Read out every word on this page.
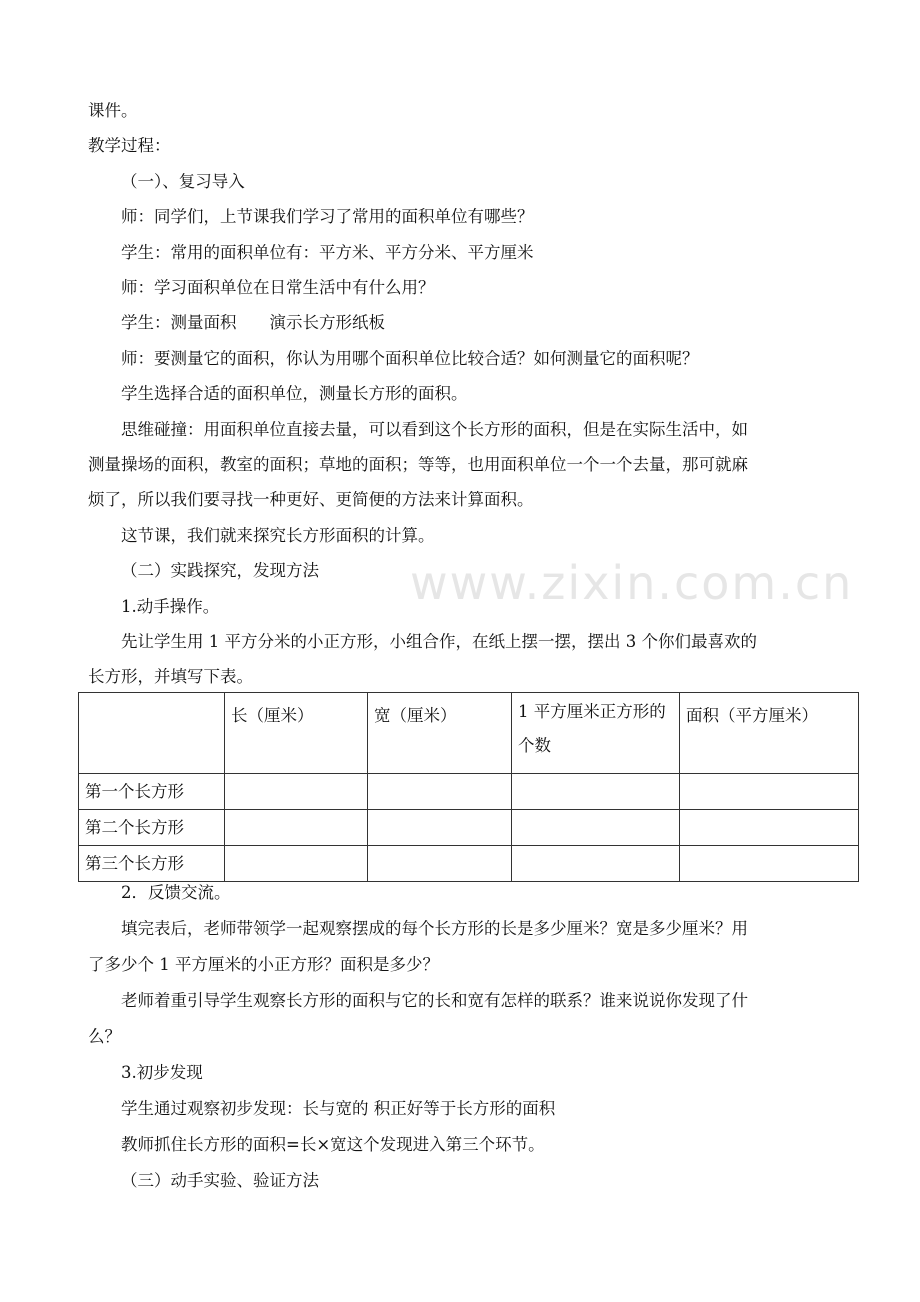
www.zixin.com.cn
课件。
教学过程：
（一）、复习导入
师：同学们，上节课我们学习了常用的面积单位有哪些？
学生：常用的面积单位有：平方米、平方分米、平方厘米
师：学习面积单位在日常生活中有什么用？
学生：测量面积　　演示长方形纸板
师：要测量它的面积，你认为用哪个面积单位比较合适？如何测量它的面积呢？
学生选择合适的面积单位，测量长方形的面积。
思维碰撞：用面积单位直接去量，可以看到这个长方形的面积，但是在实际生活中，如
测量操场的面积，教室的面积；草地的面积；等等，也用面积单位一个一个去量，那可就麻
烦了，所以我们要寻找一种更好、更简便的方法来计算面积。
这节课，我们就来探究长方形面积的计算。
（二）实践探究，发现方法
1.动手操作。
先让学生用 1 平方分米的小正方形，小组合作，在纸上摆一摆，摆出 3 个你们最喜欢的
长方形，并填写下表。
	长（厘米）	宽（厘米）	1 平方厘米正方形的个数	面积（平方厘米）
第一个长方形				
第二个长方形				
第三个长方形				
2．反馈交流。
填完表后，老师带领学一起观察摆成的每个长方形的长是多少厘米？宽是多少厘米？用
了多少个 1 平方厘米的小正方形？面积是多少？
老师着重引导学生观察长方形的面积与它的长和宽有怎样的联系？谁来说说你发现了什
么？
3.初步发现
学生通过观察初步发现：长与宽的 积正好等于长方形的面积
教师抓住长方形的面积=长×宽这个发现进入第三个环节。
（三）动手实验、验证方法
